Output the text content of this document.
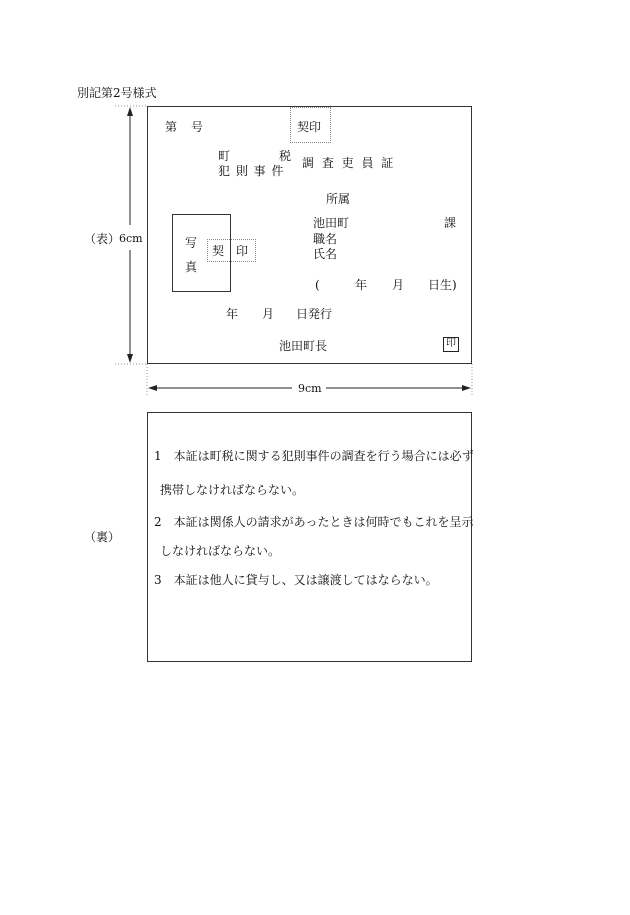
別記第2号様式
（表）
6cm
9cm
（裏）
第 号	契印
町	税
犯 則 事 件
調 査 吏 員 証
所属
池田町	課
職名
氏名
写
真
契 印
(	年 月 日生)
年 月 日発行
池田町長	印
1　本証は町税に関する犯則事件の調査を行う場合には必ず
携帯しなければならない。
2　本証は関係人の請求があったときは何時でもこれを呈示
しなければならない。
3　本証は他人に貸与し、又は譲渡してはならない。
